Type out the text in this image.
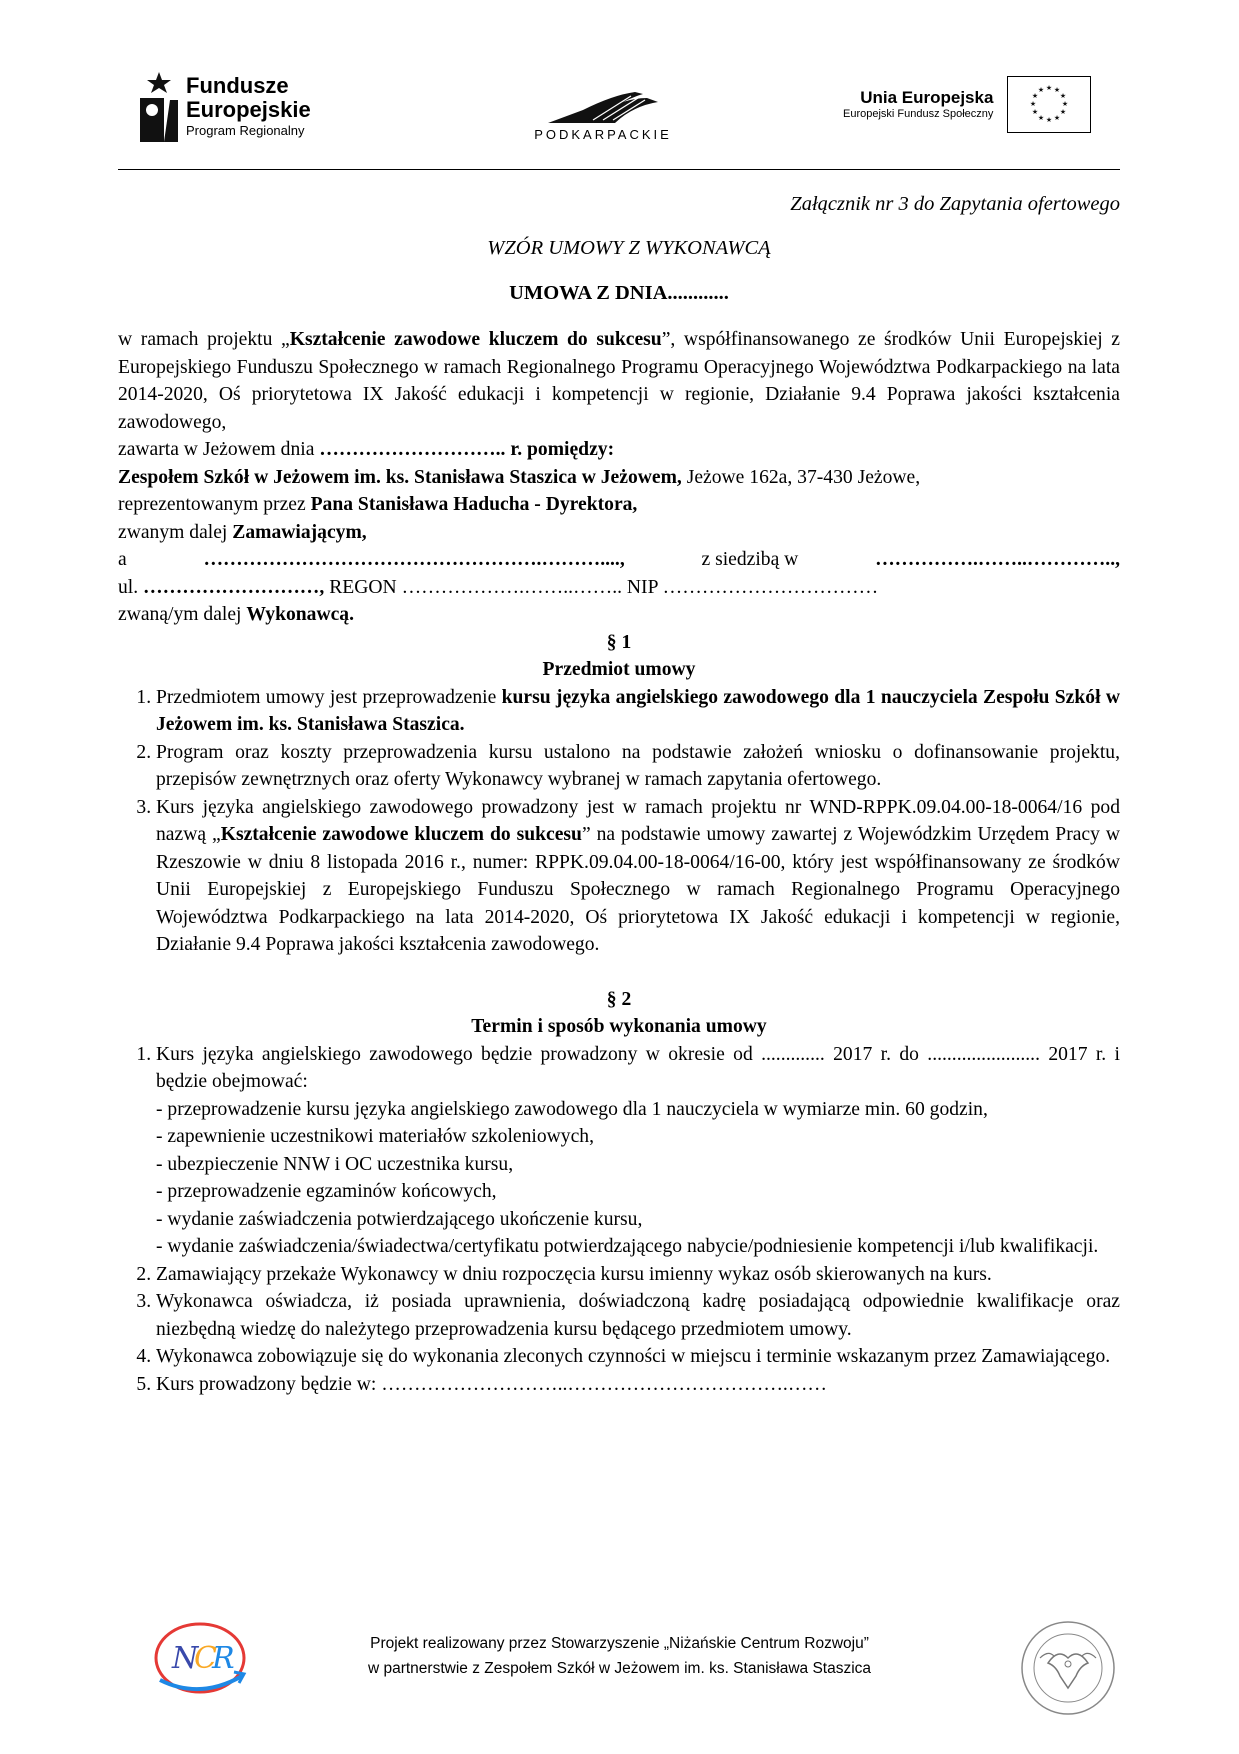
Fundusze
Europejskie
Program Regionalny	PODKARPACKIE
Unia Europejska
Europejski Fundusz Społeczny
★ ★
★
★
★
★
★
★
★
★
★
★
Załącznik nr 3 do Zapytania ofertowego
WZÓR UMOWY Z WYKONAWCĄ
UMOWA Z DNIA............

w ramach projektu „Kształcenie zawodowe kluczem do sukcesu”, współfinansowanego ze środków Unii Europejskiej z Europejskiego Funduszu Społecznego w ramach Regionalnego Programu Operacyjnego Województwa Podkarpackiego na lata 2014-2020, Oś priorytetowa IX Jakość edukacji i kompetencji w regionie, Działanie 9.4 Poprawa jakości kształcenia zawodowego,

zawarta w Jeżowem dnia ……………………….. r. pomiędzy:

Zespołem Szkół w Jeżowem im. ks. Stanisława Staszica w Jeżowem, Jeżowe 162a, 37-430 Jeżowe,

reprezentowanym przez Pana Stanisława Haducha - Dyrektora,

zwanym dalej Zamawiającym,

a	…………………………………………….………....,	z siedzibą w	…………….……..…………..,

ul. ………………………, REGON ……………….……..…….. NIP ……………………………

zwaną/ym dalej Wykonawcą.

§ 1
Przedmiot umowy
1. Przedmiotem umowy jest przeprowadzenie kursu języka angielskiego zawodowego dla 1 nauczyciela Zespołu Szkół w Jeżowem im. ks. Stanisława Staszica.
2. Program oraz koszty przeprowadzenia kursu ustalono na podstawie założeń wniosku o dofinansowanie projektu, przepisów zewnętrznych oraz oferty Wykonawcy wybranej w ramach zapytania ofertowego.
3. Kurs języka angielskiego zawodowego prowadzony jest w ramach projektu nr WND-RPPK.09.04.00-18-0064/16 pod nazwą „Kształcenie zawodowe kluczem do sukcesu” na podstawie umowy zawartej z Wojewódzkim Urzędem Pracy w Rzeszowie w dniu 8 listopada 2016 r., numer: RPPK.09.04.00-18-0064/16-00, który jest współfinansowany ze środków Unii Europejskiej z Europejskiego Funduszu Społecznego w ramach Regionalnego Programu Operacyjnego Województwa Podkarpackiego na lata 2014-2020, Oś priorytetowa IX Jakość edukacji i kompetencji w regionie, Działanie 9.4 Poprawa jakości kształcenia zawodowego.
§ 2
Termin i sposób wykonania umowy
1. Kurs języka angielskiego zawodowego będzie prowadzony w okresie od ............. 2017 r. do ....................... 2017 r. i będzie obejmować:
- przeprowadzenie kursu języka angielskiego zawodowego dla 1 nauczyciela w wymiarze min. 60 godzin,
- zapewnienie uczestnikowi materiałów szkoleniowych,
- ubezpieczenie NNW i OC uczestnika kursu,
- przeprowadzenie egzaminów końcowych,
- wydanie zaświadczenia potwierdzającego ukończenie kursu,
- wydanie zaświadczenia/świadectwa/certyfikatu potwierdzającego nabycie/podniesienie kompetencji i/lub kwalifikacji.
2. Zamawiający przekaże Wykonawcy w dniu rozpoczęcia kursu imienny wykaz osób skierowanych na kurs.
3. Wykonawca oświadcza, iż posiada uprawnienia, doświadczoną kadrę posiadającą odpowiednie kwalifikacje oraz niezbędną wiedzę do należytego przeprowadzenia kursu będącego przedmiotem umowy.
4. Wykonawca zobowiązuje się do wykonania zleconych czynności w miejscu i terminie wskazanym przez Zamawiającego.
5. Kurs prowadzony będzie w: ………………………..…………………………….……
N
C
R	Projekt realizowany przez Stowarzyszenie „Niżańskie Centrum Rozwoju”
w partnerstwie z Zespołem Szkół w Jeżowem im. ks. Stanisława Staszica
